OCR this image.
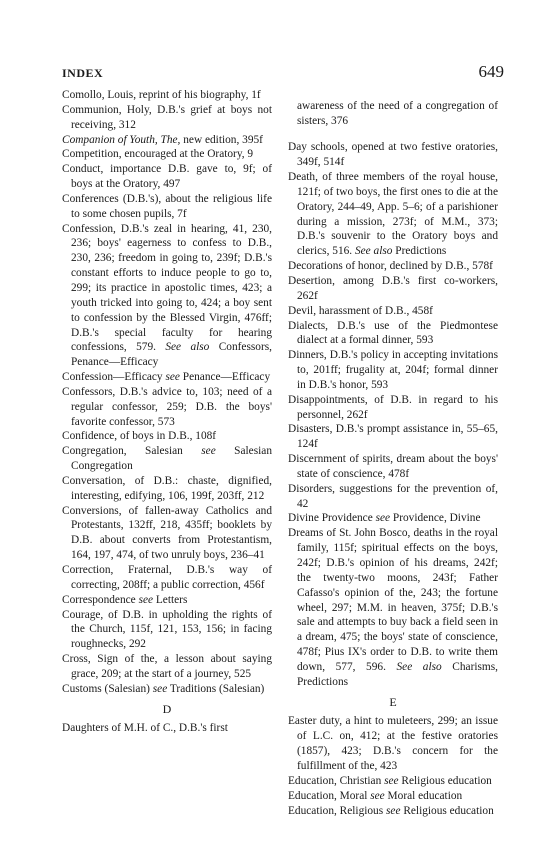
INDEX	649

Comollo, Louis, reprint of his biography, 1f

Communion, Holy, D.B.'s grief at boys not receiving, 312

Companion of Youth, The, new edition, 395f

Competition, encouraged at the Oratory, 9

Conduct, importance D.B. gave to, 9f; of boys at the Oratory, 497

Conferences (D.B.'s), about the religious life to some chosen pupils, 7f

Confession, D.B.'s zeal in hearing, 41, 230, 236; boys' eagerness to confess to D.B., 230, 236; freedom in going to, 239f; D.B.'s constant efforts to induce people to go to, 299; its practice in apostolic times, 423; a youth tricked into going to, 424; a boy sent to confession by the Blessed Virgin, 476ff; D.B.'s special faculty for hearing confessions, 579. See also Confessors, Penance—Efficacy

Confession—Efficacy see Penance—Efficacy

Confessors, D.B.'s advice to, 103; need of a regular confessor, 259; D.B. the boys' favorite confessor, 573

Confidence, of boys in D.B., 108f

Congregation, Salesian see Salesian Congregation

Conversation, of D.B.: chaste, dignified, interesting, edifying, 106, 199f, 203ff, 212

Conversions, of fallen-away Catholics and Protestants, 132ff, 218, 435ff; booklets by D.B. about converts from Protestantism, 164, 197, 474, of two unruly boys, 236–41

Correction, Fraternal, D.B.'s way of correcting, 208ff; a public correction, 456f

Correspondence see Letters

Courage, of D.B. in upholding the rights of the Church, 115f, 121, 153, 156; in facing roughnecks, 292

Cross, Sign of the, a lesson about saying grace, 209; at the start of a journey, 525

Customs (Salesian) see Traditions (Salesian)

D

Daughters of M.H. of C., D.B.'s first

awareness of the need of a congregation of sisters, 376

Day schools, opened at two festive oratories, 349f, 514f

Death, of three members of the royal house, 121f; of two boys, the first ones to die at the Oratory, 244–49, App. 5–6; of a parishioner during a mission, 273f; of M.M., 373; D.B.'s souvenir to the Oratory boys and clerics, 516. See also Predictions

Decorations of honor, declined by D.B., 578f

Desertion, among D.B.'s first co-workers, 262f

Devil, harassment of D.B., 458f

Dialects, D.B.'s use of the Piedmontese dialect at a formal dinner, 593

Dinners, D.B.'s policy in accepting invitations to, 201ff; frugality at, 204f; formal dinner in D.B.'s honor, 593

Disappointments, of D.B. in regard to his personnel, 262f

Disasters, D.B.'s prompt assistance in, 55–65, 124f

Discernment of spirits, dream about the boys' state of conscience, 478f

Disorders, suggestions for the prevention of, 42

Divine Providence see Providence, Divine

Dreams of St. John Bosco, deaths in the royal family, 115f; spiritual effects on the boys, 242f; D.B.'s opinion of his dreams, 242f; the twenty-two moons, 243f; Father Cafasso's opinion of the, 243; the fortune wheel, 297; M.M. in heaven, 375f; D.B.'s sale and attempts to buy back a field seen in a dream, 475; the boys' state of conscience, 478f; Pius IX's order to D.B. to write them down, 577, 596. See also Charisms, Predictions

E

Easter duty, a hint to muleteers, 299; an issue of L.C. on, 412; at the festive oratories (1857), 423; D.B.'s concern for the fulfillment of the, 423

Education, Christian see Religious education

Education, Moral see Moral education

Education, Religious see Religious education
